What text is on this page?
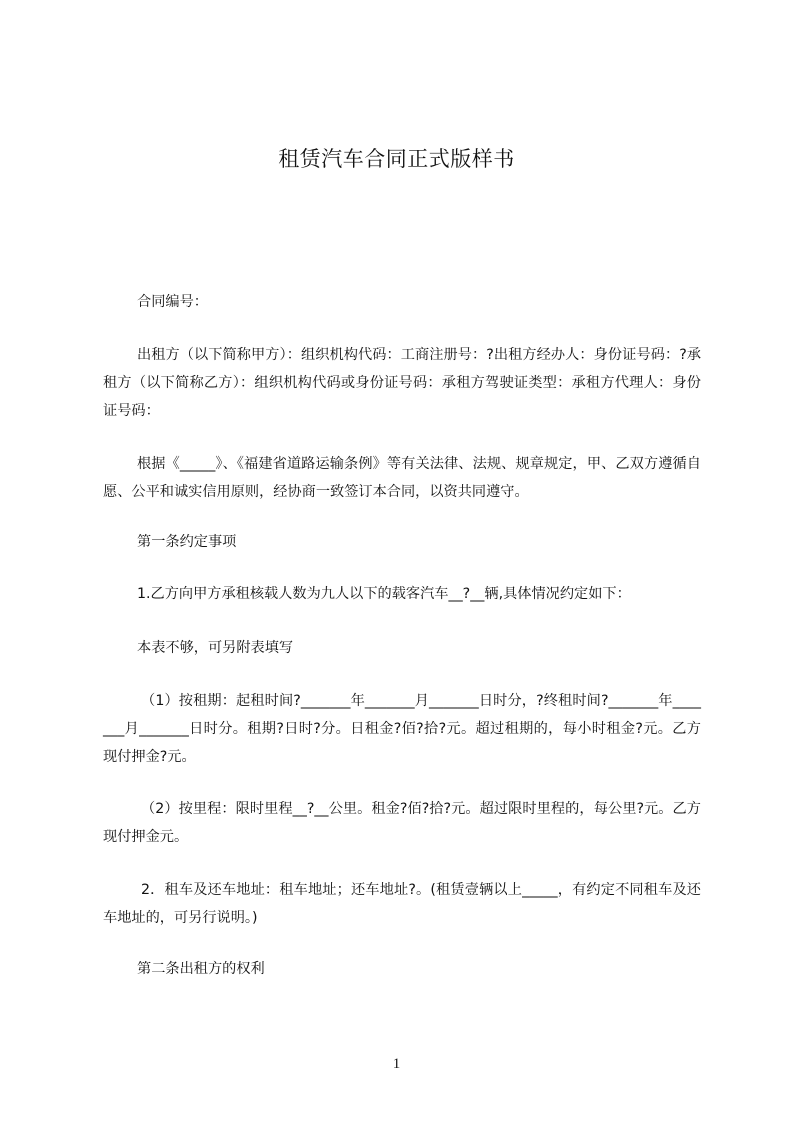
租赁汽车合同正式版样书
合同编号：
出租方（以下简称甲方）：组织机构代码：工商注册号：?出租方经办人：身份证号码：?承租方（以下简称乙方）：组织机构代码或身份证号码：承租方驾驶证类型：承租方代理人：身份证号码：
根据《_____》、《福建省道路运输条例》等有关法律、法规、规章规定，甲、乙双方遵循自愿、公平和诚实信用原则，经协商一致签订本合同，以资共同遵守。
第一条约定事项
1.乙方向甲方承租核载人数为九人以下的载客汽车__?__辆,具体情况约定如下：
本表不够，可另附表填写
（1）按租期：起租时间?_______年_______月_______日时分，?终租时间?_______年_______月_______日时分。租期?日时?分。日租金?佰?拾?元。超过租期的，每小时租金?元。乙方现付押金?元。
（2）按里程：限时里程__?__公里。租金?佰?拾?元。超过限时里程的，每公里?元。乙方现付押金元。
2．租车及还车地址：租车地址；还车地址?。(租赁壹辆以上_____，有约定不同租车及还车地址的，可另行说明。)
第二条出租方的权利
1
